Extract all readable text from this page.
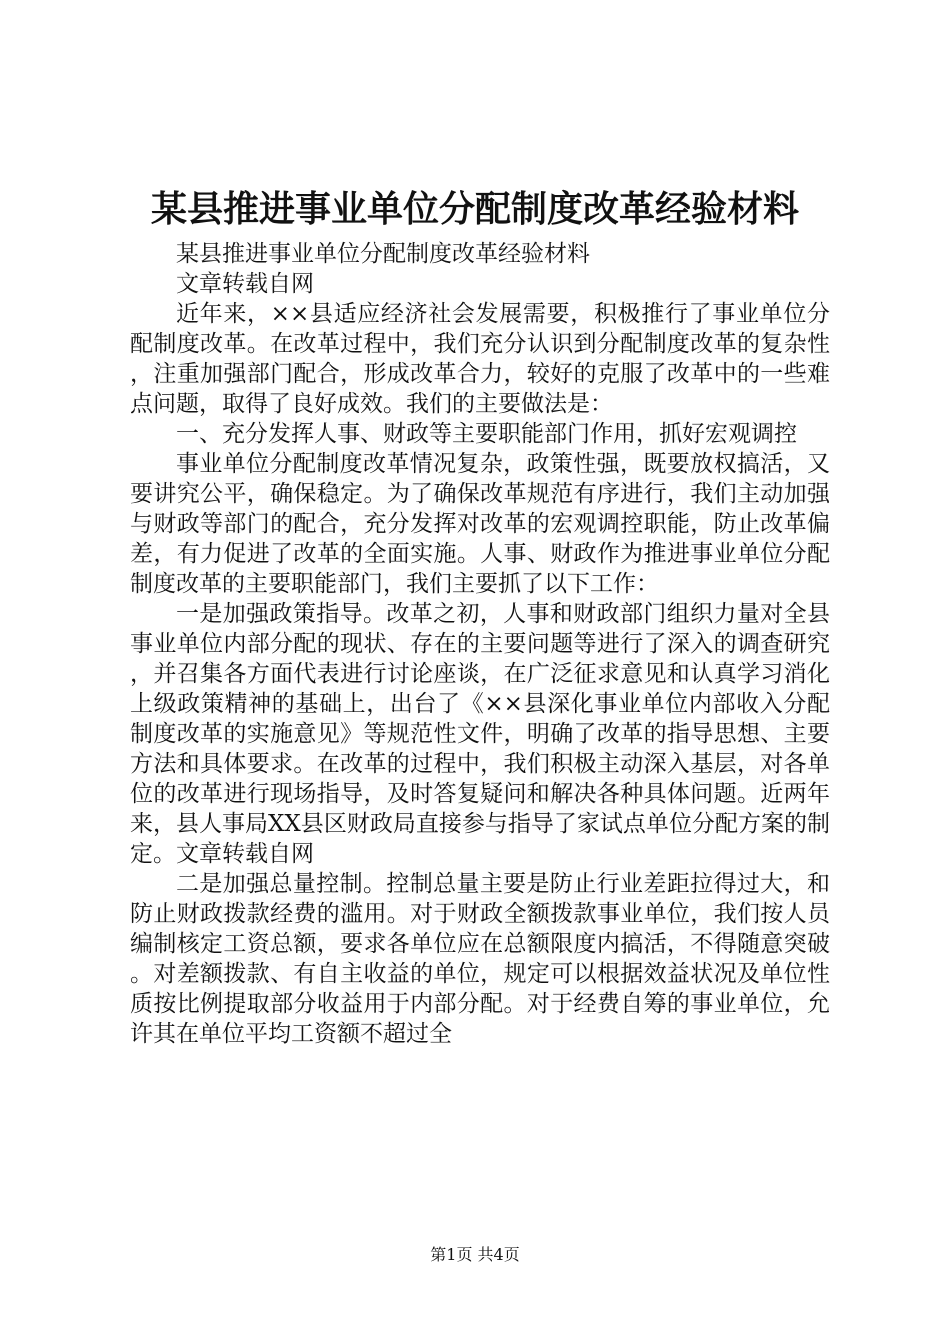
某县推进事业单位分配制度改革经验材料

某县推进事业单位分配制度改革经验材料

文章转载自网

近年来，××县适应经济社会发展需要，积极推行了事业单位分配制度改革。在改革过程中，我们充分认识到分配制度改革的复杂性，注重加强部门配合，形成改革合力，较好的克服了改革中的一些难点问题，取得了良好成效。我们的主要做法是：

一、充分发挥人事、财政等主要职能部门作用，抓好宏观调控

事业单位分配制度改革情况复杂，政策性强，既要放权搞活，又要讲究公平，确保稳定。为了确保改革规范有序进行，我们主动加强与财政等部门的配合，充分发挥对改革的宏观调控职能，防止改革偏差，有力促进了改革的全面实施。人事、财政作为推进事业单位分配制度改革的主要职能部门，我们主要抓了以下工作：

一是加强政策指导。改革之初，人事和财政部门组织力量对全县事业单位内部分配的现状、存在的主要问题等进行了深入的调查研究，并召集各方面代表进行讨论座谈，在广泛征求意见和认真学习消化上级政策精神的基础上，出台了《××县深化事业单位内部收入分配制度改革的实施意见》等规范性文件，明确了改革的指导思想、主要方法和具体要求。在改革的过程中，我们积极主动深入基层，对各单位的改革进行现场指导，及时答复疑问和解决各种具体问题。近两年来，县人事局XX县区财政局直接参与指导了家试点单位分配方案的制定。文章转载自网

二是加强总量控制。控制总量主要是防止行业差距拉得过大，和防止财政拨款经费的滥用。对于财政全额拨款事业单位，我们按人员编制核定工资总额，要求各单位应在总额限度内搞活，不得随意突破。对差额拨款、有自主收益的单位，规定可以根据效益状况及单位性质按比例提取部分收益用于内部分配。对于经费自筹的事业单位，允许其在单位平均工资额不超过全

第1页 共4页
